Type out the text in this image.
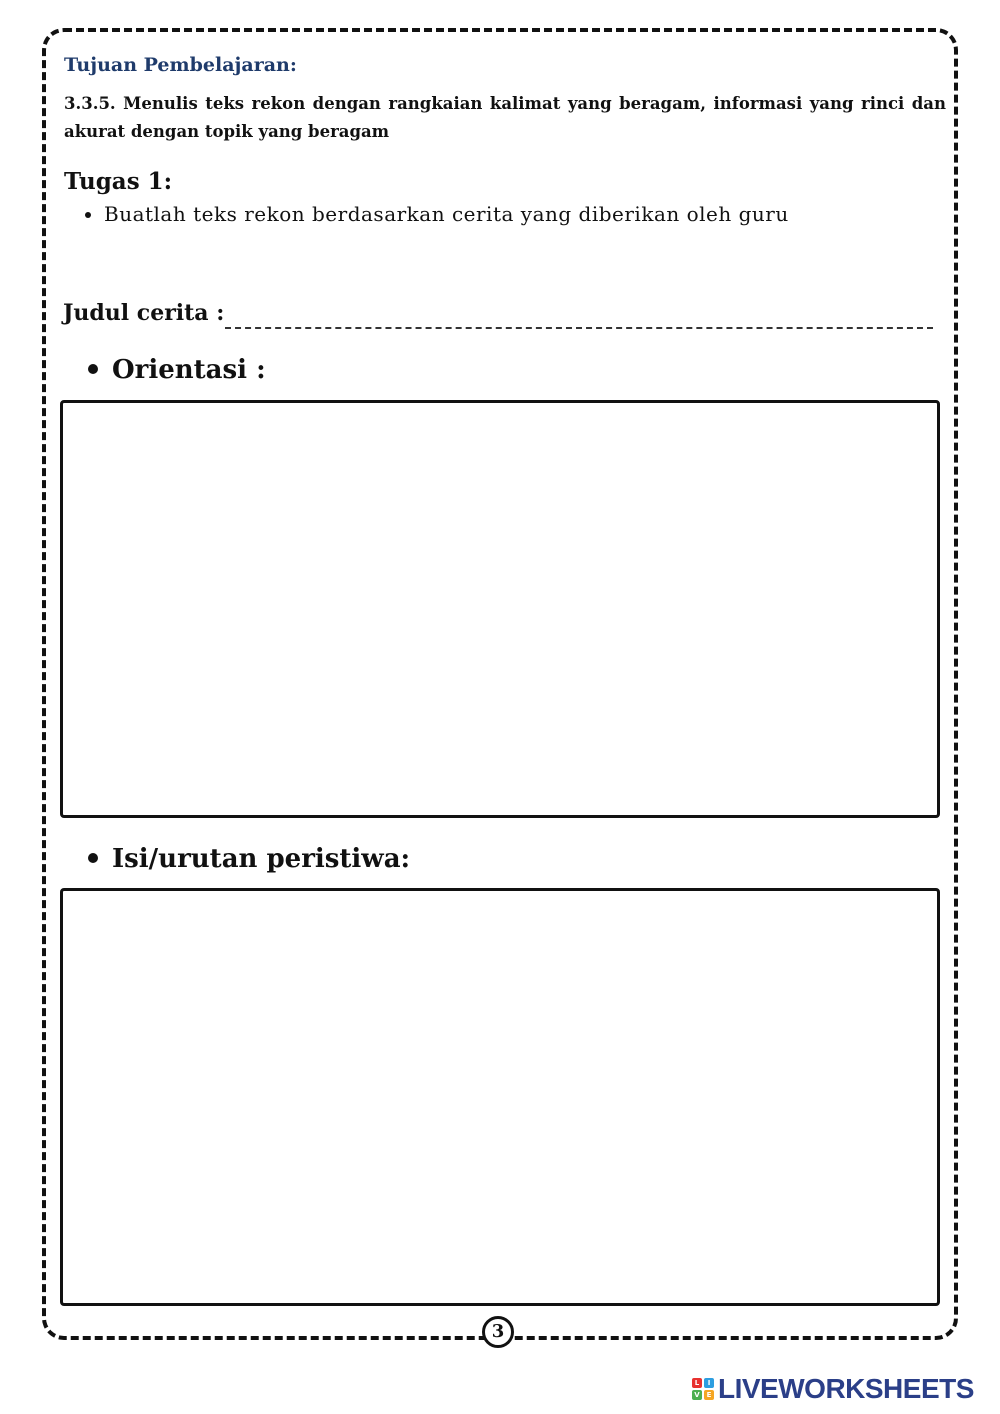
Tujuan Pembelajaran:
3.3.5. Menulis teks rekon dengan rangkaian kalimat yang beragam, informasi yang rinci dan akurat dengan topik yang beragam
Tugas 1:
• Buatlah teks rekon berdasarkan cerita yang diberikan oleh guru
Judul cerita :
Orientasi :
Isi/urutan peristiwa:
3
L	I
V E LIVEWORKSHEETS
